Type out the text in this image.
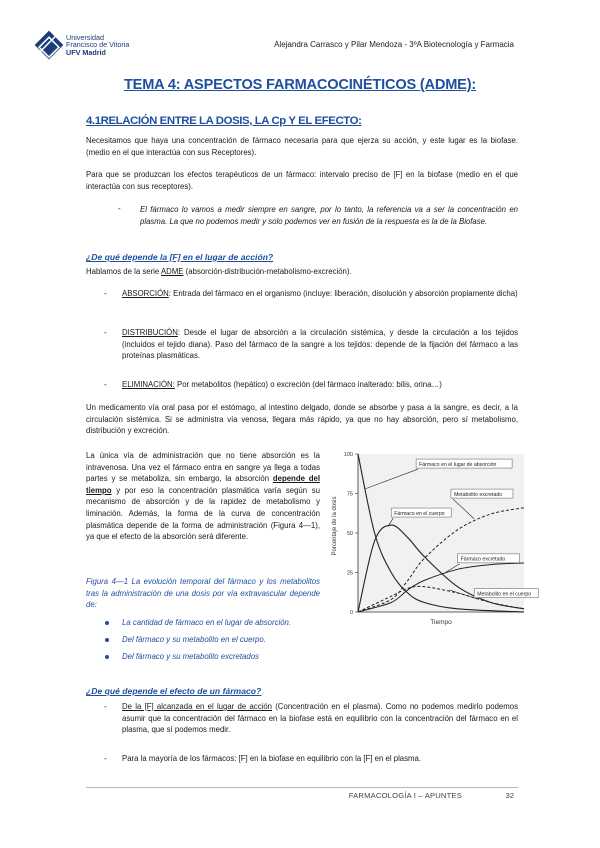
Universidad
Francisco de Vitoria
UFV Madrid
Alejandra Carrasco y Pilar Mendoza - 3ºA Biotecnología y Farmacia
TEMA 4: ASPECTOS FARMACOCINÉTICOS (ADME):
4.1RELACIÓN ENTRE LA DOSIS, LA Cp Y EL EFECTO:
Necesitamos que haya una concentración de fármaco necesaria para que ejerza su acción, y este lugar es la biofase. (medio en el que interactúa con sus Receptores).
Para que se produzcan los efectos terapéuticos de un fármaco: intervalo preciso de [F] en la biofase (medio en el que interactúa con sus receptores).
- El fármaco lo vamos a medir siempre en sangre, por lo tanto, la referencia va a ser la concentración en plasma. La que no podemos medir y solo podemos ver en fusión de la respuesta es la de la Biofase.
¿De qué depende la [F] en el lugar de acción?
Hablamos de la serie ADME (absorción-distribución-metabolismo-excreción).
- ABSORCIÓN: Entrada del fármaco en el organismo (incluye: liberación, disolución y absorción propiamente dicha)
- DISTRIBUCIÓN: Desde el lugar de absorción a la circulación sistémica, y desde la circulación a los tejidos (incluidos el tejido diana). Paso del fármaco de la sangre a los tejidos: depende de la fijación del fármaco a las proteínas plasmáticas.
- ELIMINACIÓN: Por metabolitos (hepático) o excreción (del fármaco inalterado: bilis, orina…)
Un medicamento vía oral pasa por el estómago, al intestino delgado, donde se absorbe y pasa a la sangre, es decir, a la circulación sistémica. Si se administra vía venosa, llegara más rápido, ya que no hay absorción, pero sí metabolismo, distribución y excreción.
La única vía de administración que no tiene absorción es la intravenosa. Una vez el fármaco entra en sangre ya llega a todas partes y se metaboliza, sin embargo, la absorción depende del tiempo y por eso la concentración plasmática varía según su mecanismo de absorción y de la rapidez de metabolismo y liminación. Además, la forma de la curva de concentración plasmática depende de la forma de administración (Figura 4—1), ya que el efecto de la absorción será diferente.
Figura 4—1 La evolución temporal del fármaco y los metabolitos tras la administración de una dosis por vía extravascular depende de:
La cantidad de fármaco en el lugar de absorción.
Del fármaco y su metabolito en el cuerpo.
Del fármaco y su metabolito excretados
Porcentaje de la dosis
Tiempo
0
25
50
75
100
Fármaco en el lugar de absorción
Metabolito excretado
Fármaco en el cuerpo
Fármaco excretado
Metabolito en el cuerpo
¿De qué depende el efecto de un fármaco?
- De la [F] alcanzada en el lugar de acción (Concentración en el plasma). Como no podemos medirlo podemos asumir que la concentración del fármaco en la biofase está en equilibrio con la concentración del fármaco en el plasma, que sí podemos medir.
- Para la mayoría de los fármacos: [F] en la biofase en equilibrio con la [F] en el plasma.
FARMACOLOGÍA I – APUNTES	32
